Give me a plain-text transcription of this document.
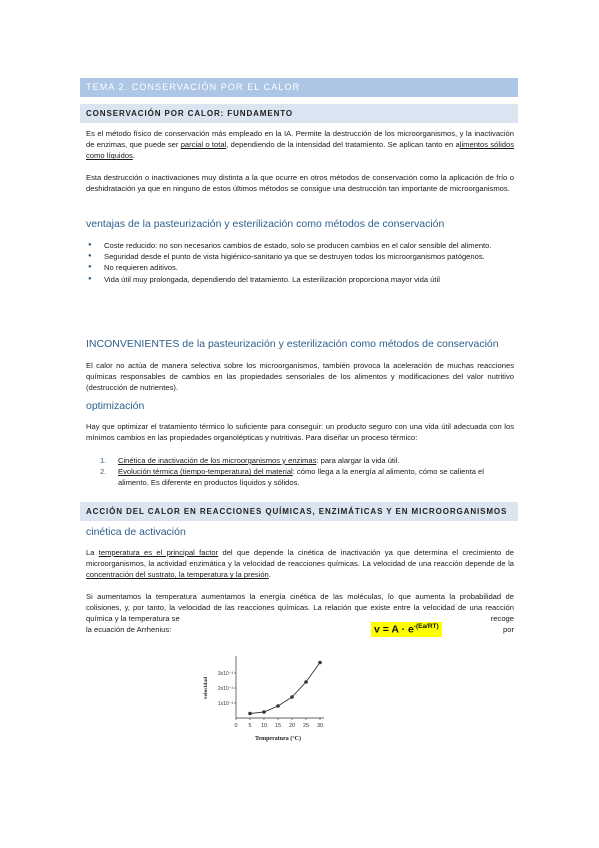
TEMA 2. CONSERVACIÓN POR EL CALOR
CONSERVACIÓN POR CALOR: FUNDAMENTO
Es el método físico de conservación más empleado en la IA. Permite la destrucción de los microorganismos, y la inactivación de enzimas, que puede ser parcial o total, dependiendo de la intensidad del tratamiento. Se aplican tanto en alimentos sólidos como líquidos.
Esta destrucción o inactivaciones muy distinta a la que ocurre en otros métodos de conservación como la aplicación de frío o deshidratación ya que en ninguno de estos últimos métodos se consigue una destrucción tan importante de microorganismos.
ventajas de la pasteurización y esterilización como métodos de conservación
● Coste reducido: no son necesarios cambios de estado, solo se producen cambios en el calor sensible del alimento.
● Seguridad desde el punto de vista higiénico-sanitario ya que se destruyen todos los microorganismos patógenos.
● No requieren aditivos.
● Vida útil muy prolongada, dependiendo del tratamiento. La esterilización proporciona mayor vida útil
INCONVENIENTES de la pasteurización y esterilización como métodos de conservación
El calor no actúa de manera selectiva sobre los microorganismos, también provoca la aceleración de muchas reacciones químicas responsables de cambios en las propiedades sensoriales de los alimentos y modificaciones del valor nutritivo (destrucción de nutrientes).
optimización
Hay que optimizar el tratamiento térmico lo suficiente para conseguir: un producto seguro con una vida útil adecuada con los mínimos cambios en las propiedades organolépticas y nutritivas. Para diseñar un proceso térmico:
1. Cinética de inactivación de los microorganismos y enzimas: para alargar la vida útil.
2. Evolución térmica (tiempo-temperatura) del material: cómo llega a la energía al alimento, cómo se calienta el alimento. Es diferente en productos líquidos y sólidos.
ACCIÓN DEL CALOR EN REACCIONES QUÍMICAS, ENZIMÁTICAS Y EN MICROORGANISMOS
cinética de activación
La temperatura es el principal factor del que depende la cinética de inactivación ya que determina el crecimiento de microorganismos, la actividad enzimática y la velocidad de reacciones químicas. La velocidad de una reacción depende de la concentración del sustrato, la temperatura y la presión.
Si aumentamos la temperatura aumentamos la energía cinética de las moléculas, lo que aumenta la probabilidad de colisiones, y, por tanto, la velocidad de las reacciones químicas. La relación que existe entre la velocidad de una reacción química y la temperatura se	recoge por
la ecuación de Arrhenius:	$v = A \cdot e^{-(Ea/RT)}$
0 5 10 15 20 25 30
1x10⁻³
2x10⁻³
3x10⁻³
velocidad
Temperatura (°C)
